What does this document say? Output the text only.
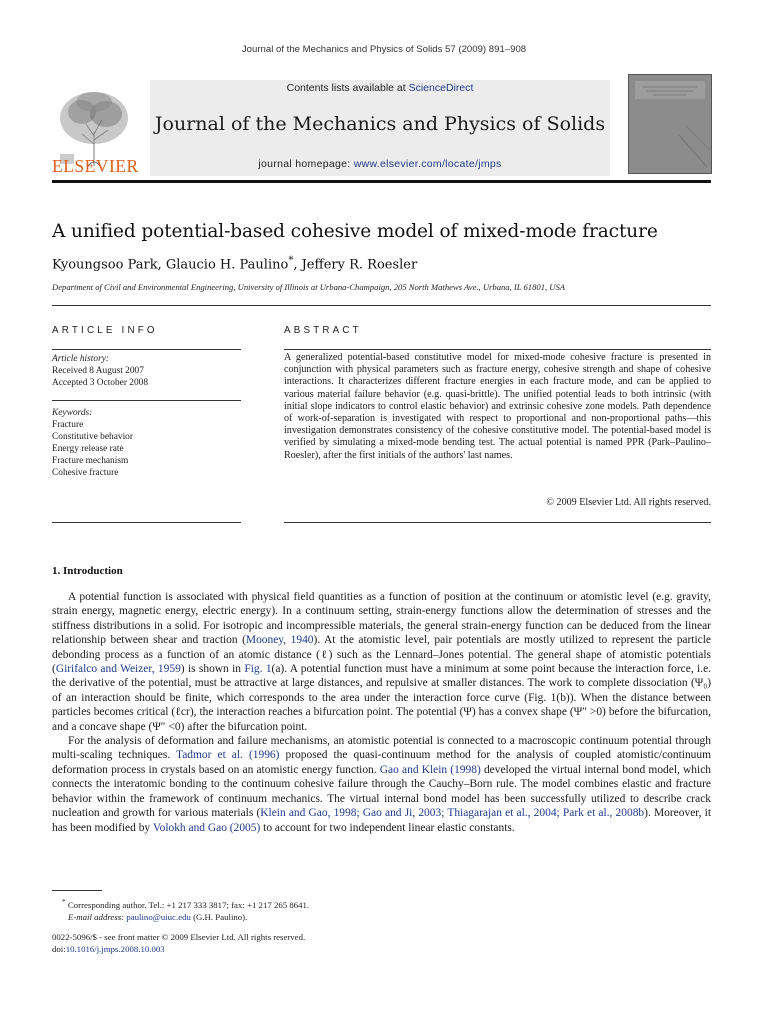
Journal of the Mechanics and Physics of Solids 57 (2009) 891–908
ELSEVIER
Contents lists available at ScienceDirect
Journal of the Mechanics and Physics of Solids
journal homepage: www.elsevier.com/locate/jmps
A unified potential-based cohesive model of mixed-mode fracture
Kyoungsoo Park, Glaucio H. Paulino*, Jeffery R. Roesler
Department of Civil and Environmental Engineering, University of Illinois at Urbana-Champaign, 205 North Mathews Ave., Urbana, IL 61801, USA
ARTICLE INFO	ABSTRACT
Article history:
Received 8 August 2007
Accepted 3 October 2008
Keywords:
Fracture
Constitutive behavior
Energy release rate
Fracture mechanism
Cohesive fracture
A generalized potential-based constitutive model for mixed-mode cohesive fracture is presented in conjunction with physical parameters such as fracture energy, cohesive strength and shape of cohesive interactions. It characterizes different fracture energies in each fracture mode, and can be applied to various material failure behavior (e.g. quasi-brittle). The unified potential leads to both intrinsic (with initial slope indicators to control elastic behavior) and extrinsic cohesive zone models. Path dependence of work-of-separation is investigated with respect to proportional and non-proportional paths—this investigation demonstrates consistency of the cohesive constitutive model. The potential-based model is verified by simulating a mixed-mode bending test. The actual potential is named PPR (Park–Paulino–Roesler), after the first initials of the authors' last names.
© 2009 Elsevier Ltd. All rights reserved.
1. Introduction

A potential function is associated with physical field quantities as a function of position at the continuum or atomistic level (e.g. gravity, strain energy, magnetic energy, electric energy). In a continuum setting, strain-energy functions allow the determination of stresses and the stiffness distributions in a solid. For isotropic and incompressible materials, the general strain-energy function can be deduced from the linear relationship between shear and traction (Mooney, 1940). At the atomistic level, pair potentials are mostly utilized to represent the particle debonding process as a function of an atomic distance (ℓ) such as the Lennard–Jones potential. The general shape of atomistic potentials (Girifalco and Weizer, 1959) is shown in Fig. 1(a). A potential function must have a minimum at some point because the interaction force, i.e. the derivative of the potential, must be attractive at large distances, and repulsive at smaller distances. The work to complete dissociation (Ψ₀) of an interaction should be finite, which corresponds to the area under the interaction force curve (Fig. 1(b)). When the distance between particles becomes critical (ℓcr), the interaction reaches a bifurcation point. The potential (Ψ) has a convex shape (Ψ″ >0) before the bifurcation, and a concave shape (Ψ″ <0) after the bifurcation point.

For the analysis of deformation and failure mechanisms, an atomistic potential is connected to a macroscopic continuum potential through multi-scaling techniques. Tadmor et al. (1996) proposed the quasi-continuum method for the analysis of coupled atomistic/continuum deformation process in crystals based on an atomistic energy function. Gao and Klein (1998) developed the virtual internal bond model, which connects the interatomic bonding to the continuum cohesive failure through the Cauchy–Born rule. The model combines elastic and fracture behavior within the framework of continuum mechanics. The virtual internal bond model has been successfully utilized to describe crack nucleation and growth for various materials (Klein and Gao, 1998; Gao and Ji, 2003; Thiagarajan et al., 2004; Park et al., 2008b). Moreover, it has been modified by Volokh and Gao (2005) to account for two independent linear elastic constants.

* Corresponding author. Tel.: +1 217 333 3817; fax: +1 217 265 8641.
E-mail address: paulino@uiuc.edu (G.H. Paulino).
0022-5096/$ - see front matter © 2009 Elsevier Ltd. All rights reserved.
doi:10.1016/j.jmps.2008.10.003
